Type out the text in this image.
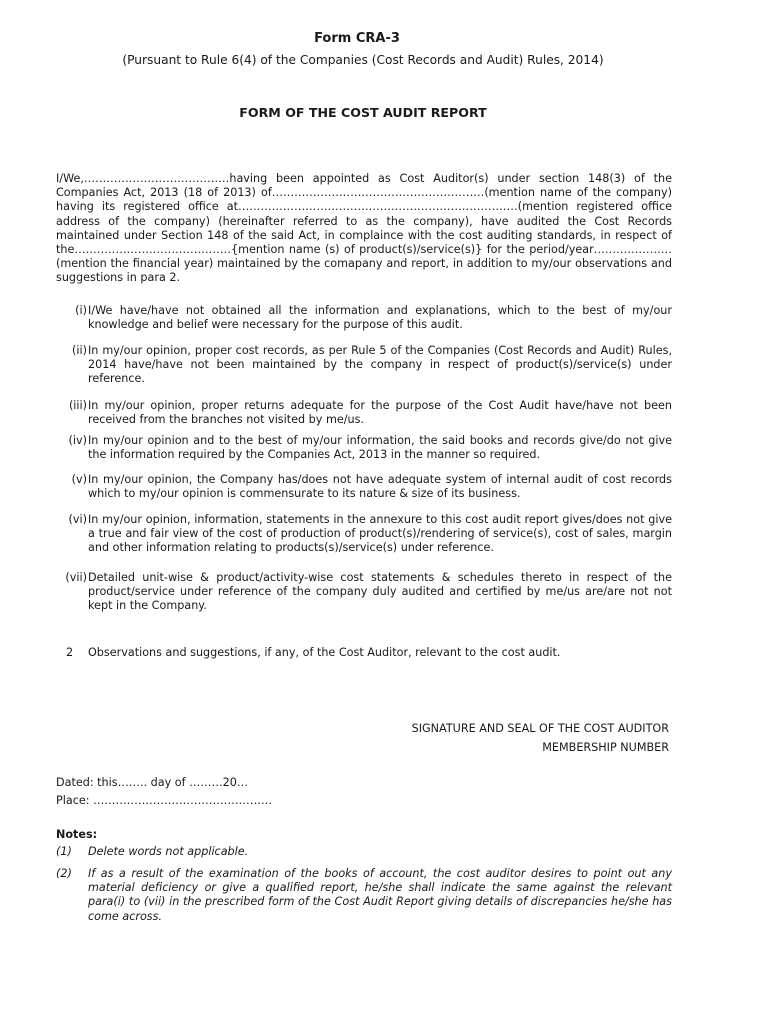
Form CRA-3
(Pursuant to Rule 6(4) of the Companies (Cost Records and Audit) Rules, 2014)
FORM OF THE COST AUDIT REPORT

I/We,…………………………………having been appointed as Cost Auditor(s) under section 148(3) of the Companies Act, 2013 (18 of 2013) of…………………………………………………(mention name of the company) having its registered office at…………………………………………………………………(mention registered office address of the company) (hereinafter referred to as the company), have audited the Cost Records maintained under Section 148 of the said Act, in complaince with the cost auditing standards, in respect of the……………………………………{mention name (s) of product(s)/service(s)} for the period/year…………………(mention the financial year) maintained by the comapany and report, in addition to my/our observations and suggestions in para 2.

(i) I/We have/have not obtained all the information and explanations, which to the best of my/our knowledge and belief were necessary for the purpose of this audit.
(ii) In my/our opinion, proper cost records, as per Rule 5 of the Companies (Cost Records and Audit) Rules, 2014 have/have not been maintained by the company in respect of product(s)/service(s) under reference.
(iii) In my/our opinion, proper returns adequate for the purpose of the Cost Audit have/have not been received from the branches not visited by me/us.
(iv) In my/our opinion and to the best of my/our information, the said books and records give/do not give the information required by the Companies Act, 2013 in the manner so required.
(v) In my/our opinion, the Company has/does not have adequate system of internal audit of cost records which to my/our opinion is commensurate to its nature & size of its business.
(vi) In my/our opinion, information, statements in the annexure to this cost audit report gives/does not give a true and fair view of the cost of production of product(s)/rendering of service(s), cost of sales, margin and other information relating to products(s)/service(s) under reference.
(vii) Detailed unit-wise & product/activity-wise cost statements & schedules thereto in respect of the product/service under reference of the company duly audited and certified by me/us are/are not not kept in the Company.
2	Observations and suggestions, if any, of the Cost Auditor, relevant to the cost audit.
SIGNATURE AND SEAL OF THE COST AUDITOR
MEMBERSHIP NUMBER
Dated: this…….. day of ………20…
Place: …………………………………………
Notes:
(1)	Delete words not applicable.
(2)	If as a result of the examination of the books of account, the cost auditor desires to point out any material deficiency or give a qualified report, he/she shall indicate the same against the relevant para(i) to (vii) in the prescribed form of the Cost Audit Report giving details of discrepancies he/she has come across.
